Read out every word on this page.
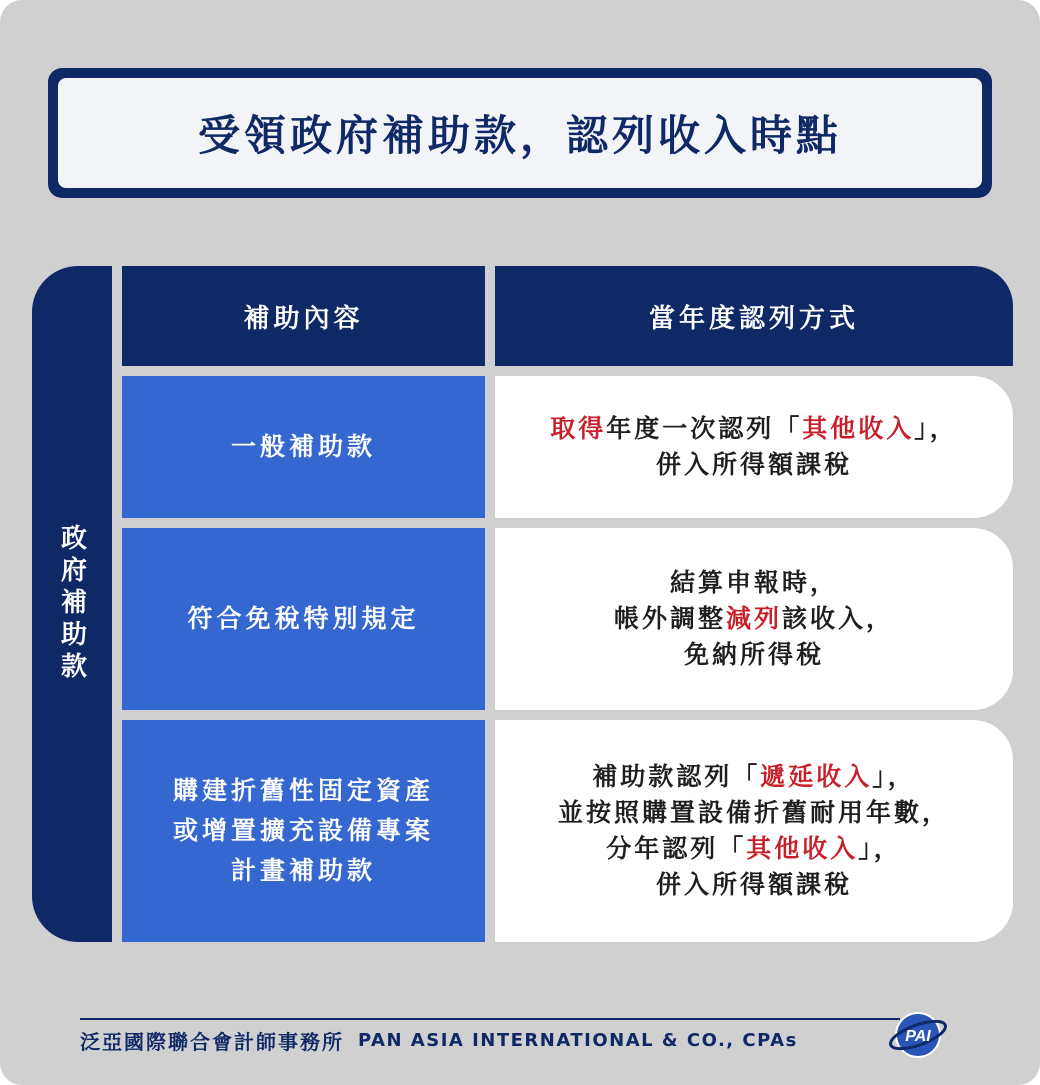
受領政府補助款，認列收入時點
政府補助款
補助內容	當年度認列方式
一般補助款
取得年度一次認列「其他收入」，
併入所得額課稅
符合免稅特別規定
結算申報時，
帳外調整減列該收入，
免納所得稅
購建折舊性固定資產
或增置擴充設備專案
計畫補助款
補助款認列「遞延收入」，
並按照購置設備折舊耐用年數，
分年認列「其他收入」，
併入所得額課稅
泛亞國際聯合會計師事務所 PAN ASIA INTERNATIONAL & CO., CPAs	PAI
